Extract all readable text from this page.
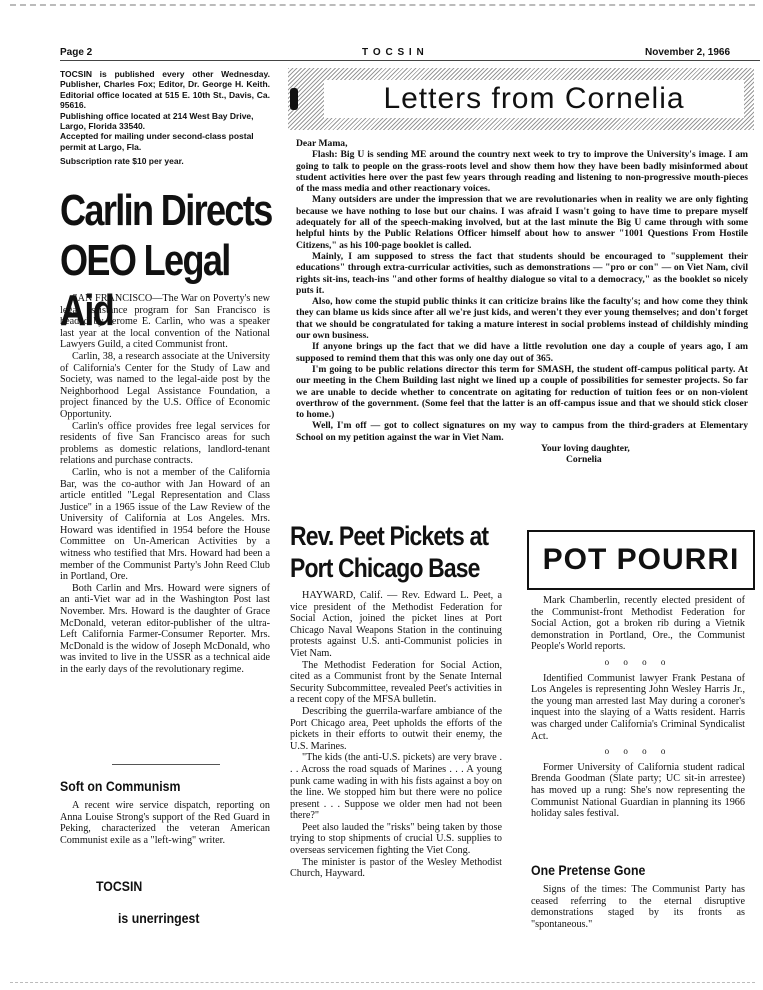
Page 2	T O C S I N	November 2, 1966

TOCSIN is published every other Wednesday. Publisher, Charles Fox; Editor, Dr. George H. Keith. Editorial office located at 515 E. 10th St., Davis, Ca. 95616.

Publishing office located at 214 West Bay Drive, Largo, Florida 33540.

Accepted for mailing under second-class postal permit at Largo, Fla.

Subscription rate $10 per year.

Carlin Directs
OEO Legal Aid

SAN FRANCISCO—The War on Poverty's new legal assistance program for San Francisco is headed by Jerome E. Carlin, who was a speaker last year at the local convention of the National Lawyers Guild, a cited Communist front.

Carlin, 38, a research associate at the University of California's Center for the Study of Law and Society, was named to the legal-aide post by the Neighborhood Legal Assistance Foundation, a project financed by the U.S. Office of Economic Opportunity.

Carlin's office provides free legal services for residents of five San Francisco areas for such problems as domestic relations, landlord-tenant relations and purchase contracts.

Carlin, who is not a member of the California Bar, was the co-author with Jan Howard of an article entitled "Legal Representation and Class Justice" in a 1965 issue of the Law Review of the University of California at Los Angeles. Mrs. Howard was identified in 1954 before the House Committee on Un-American Activities by a witness who testified that Mrs. Howard had been a member of the Communist Party's John Reed Club in Portland, Ore.

Both Carlin and Mrs. Howard were signers of an anti-Viet war ad in the Washington Post last November. Mrs. Howard is the daughter of Grace McDonald, veteran editor-publisher of the ultra-Left California Farmer-Consumer Reporter. Mrs. McDonald is the widow of Joseph McDonald, who was invited to live in the USSR as a technical aide in the early days of the revolutionary regime.

Soft on Communism

A recent wire service dispatch, reporting on Anna Louise Strong's support of the Red Guard in Peking, characterized the veteran American Communist exile as a "left-wing" writer.

TOCSIN
is unerringest
Letters from Cornelia
Dear Mama,

Flash: Big U is sending ME around the country next week to try to improve the University's image. I am going to talk to people on the grass-roots level and show them how they have been badly misinformed about student activities here over the past few years through reading and listening to non-progressive mouth-pieces of the mass media and other reactionary voices.

Many outsiders are under the impression that we are revolutionaries when in reality we are only fighting because we have nothing to lose but our chains. I was afraid I wasn't going to have time to prepare myself adequately for all of the speech-making involved, but at the last minute the Big U came through with some helpful hints by the Public Relations Officer himself about how to answer "1001 Questions From Hostile Citizens," as his 100-page booklet is called.

Mainly, I am supposed to stress the fact that students should be encouraged to "supplement their educations" through extra-curricular activities, such as demonstrations — "pro or con" — on Viet Nam, civil rights sit-ins, teach-ins "and other forms of healthy dialogue so vital to a democracy," as the booklet so nicely puts it.

Also, how come the stupid public thinks it can criticize brains like the faculty's; and how come they think they can blame us kids since after all we're just kids, and weren't they ever young themselves; and don't forget that we should be congratulated for taking a mature interest in social problems instead of childishly minding our own business.

If anyone brings up the fact that we did have a little revolution one day a couple of years ago, I am supposed to remind them that this was only one day out of 365.

I'm going to be public relations director this term for SMASH, the student off-campus political party. At our meeting in the Chem Building last night we lined up a couple of possibilities for semester projects. So far we are unable to decide whether to concentrate on agitating for reduction of tuition fees or on non-violent overthrow of the government. (Some feel that the latter is an off-campus issue and that we should stick closer to home.)

Well, I'm off — got to collect signatures on my way to campus from the third-graders at Elementary School on my petition against the war in Viet Nam.

Your loving daughter,
Cornelia
Rev. Peet Pickets at
Port Chicago Base

HAYWARD, Calif. — Rev. Edward L. Peet, a vice president of the Methodist Federation for Social Action, joined the picket lines at Port Chicago Naval Weapons Station in the continuing protests against U.S. anti-Communist policies in Viet Nam.

The Methodist Federation for Social Action, cited as a Communist front by the Senate Internal Security Subcommittee, revealed Peet's activities in a recent copy of the MFSA bulletin.

Describing the guerrila-warfare ambiance of the Port Chicago area, Peet upholds the efforts of the pickets in their efforts to outwit their enemy, the U.S. Marines.

"The kids (the anti-U.S. pickets) are very brave . . . Across the road squads of Marines . . . A young punk came wading in with his fists against a boy on the line. We stopped him but there were no police present . . . Suppose we older men had not been there?"

Peet also lauded the "risks" being taken by those trying to stop shipments of crucial U.S. supplies to overseas servicemen fighting the Viet Cong.

The minister is pastor of the Wesley Methodist Church, Hayward.

POT POURRI

Mark Chamberlin, recently elected president of the Communist-front Methodist Federation for Social Action, got a broken rib during a Vietnik demonstration in Portland, Ore., the Communist People's World reports.

o o o o

Identified Communist lawyer Frank Pestana of Los Angeles is representing John Wesley Harris Jr., the young man arrested last May during a coroner's inquest into the slaying of a Watts resident. Harris was charged under California's Criminal Syndicalist Act.

o o o o

Former University of California student radical Brenda Goodman (Slate party; UC sit-in arrestee) has moved up a rung: She's now representing the Communist National Guardian in planning its 1966 holiday sales festival.

One Pretense Gone

Signs of the times: The Communist Party has ceased referring to the eternal disruptive demonstrations staged by its fronts as "spontaneous."
